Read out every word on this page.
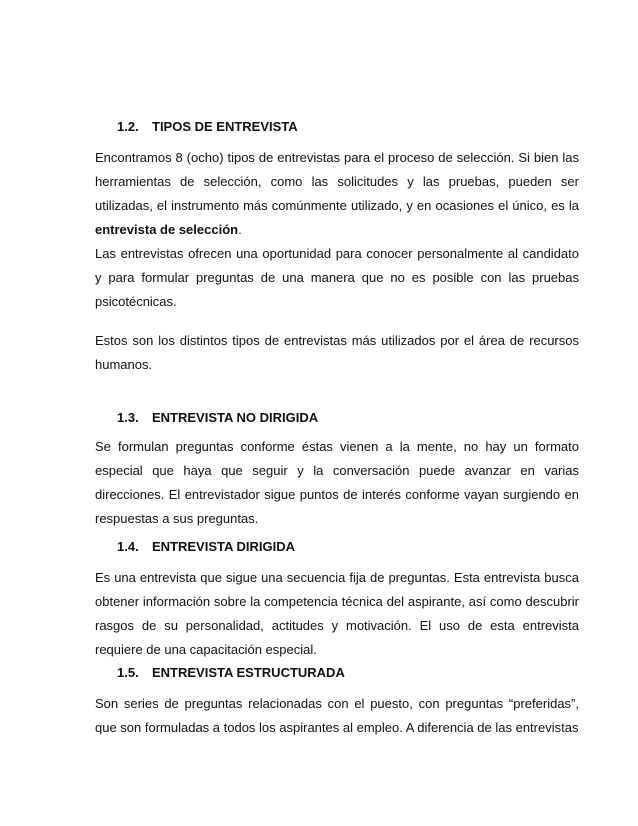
1.2. TIPOS DE ENTREVISTA

Encontramos 8 (ocho) tipos de entrevistas para el proceso de selección. Si bien las herramientas de selección, como las solicitudes y las pruebas, pueden ser utilizadas, el instrumento más comúnmente utilizado, y en ocasiones el único, es la entrevista de selección.

Las entrevistas ofrecen una oportunidad para conocer personalmente al candidato y para formular preguntas de una manera que no es posible con las pruebas psicotécnicas.

Estos son los distintos tipos de entrevistas más utilizados por el área de recursos humanos.

1.3. ENTREVISTA NO DIRIGIDA

Se formulan preguntas conforme éstas vienen a la mente, no hay un formato especial que haya que seguir y la conversación puede avanzar en varias direcciones. El entrevistador sigue puntos de interés conforme vayan surgiendo en respuestas a sus preguntas.

1.4. ENTREVISTA DIRIGIDA

Es una entrevista que sigue una secuencia fija de preguntas. Esta entrevista busca obtener información sobre la competencia técnica del aspirante, así como descubrir rasgos de su personalidad, actitudes y motivación. El uso de esta entrevista requiere de una capacitación especial.

1.5. ENTREVISTA ESTRUCTURADA

Son series de preguntas relacionadas con el puesto, con preguntas “preferidas”, que son formuladas a todos los aspirantes al empleo. A diferencia de las entrevistas
